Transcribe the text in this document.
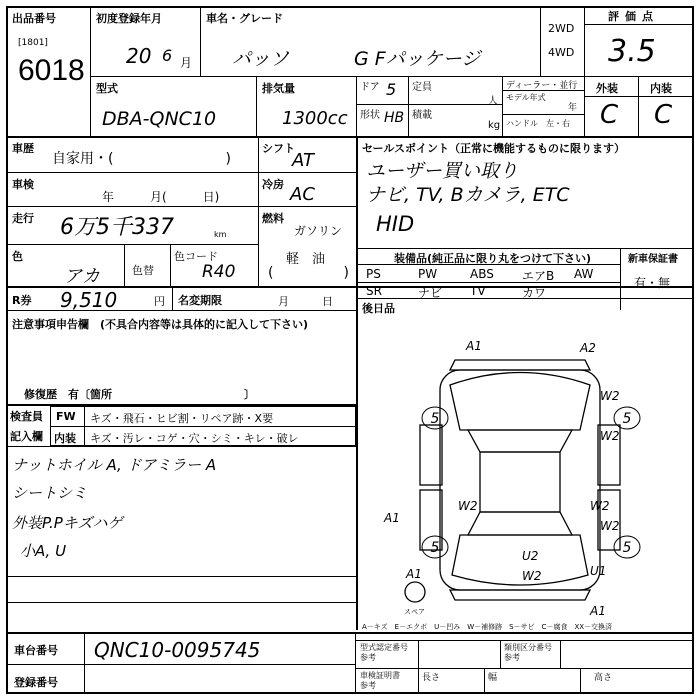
出品番号
[1801]
6018
初度登録年月
20 6 月
車名・グレード
パッソ	G Fパッケージ
2WD
4WD
評価点
3.5
型式
DBA-QNC10
排気量
1300cc
ドア 5 定員
人
形状 HB 積載
kg
ディーラー・並行
モデル年式
年
ハンドル　左・右
外装	内装
C C
車歴
自家用・(　　　　　　　　)
シフト
AT
車検
年　　　月(　　　日)
冷房 AC
走行 6万5千337	km
燃料
ガソリン
軽　油
(　　　　　)
色
アカ	色替
色コード
R40
R券 9,510	円 名変期限	月　　　日
セールスポイント（正常に機能するものに限ります）
ユーザー買い取り
ナビ, TV, Bカメラ, ETC
HID
装備品(純正品に限り丸をつけて下さい)	新車保証書
有・無
PS	PW	ABS エアB AW
SR	ナビ TV	カワ
後日品
注意事項申告欄　(不具合内容等は具体的に記入して下さい)
修復歴　有〔箇所　　　　　　　　　　　　〕
検査員
記入欄
FW キズ・飛石・ヒビ割・リペア跡・X要
内装 キズ・汚レ・コゲ・穴・シミ・キレ・破レ
ナットホイル A, ドアミラー A
シートシミ
外装P.Pキズハゲ
小A, U
5	5
5	5
A1	A2
W2
W2
A1
W2	W2
U2
W2
W2
U1
A1
A1
スペア
A－キズ　E－エクボ　U－凹み　W－補修跡　S－サビ　C－腐食　XX－交換済
車台番号 QNC10-0095745
登録番号
型式認定番号
参考
類別区分番号
参考
車検証明書
参考
長さ	幅	高さ
